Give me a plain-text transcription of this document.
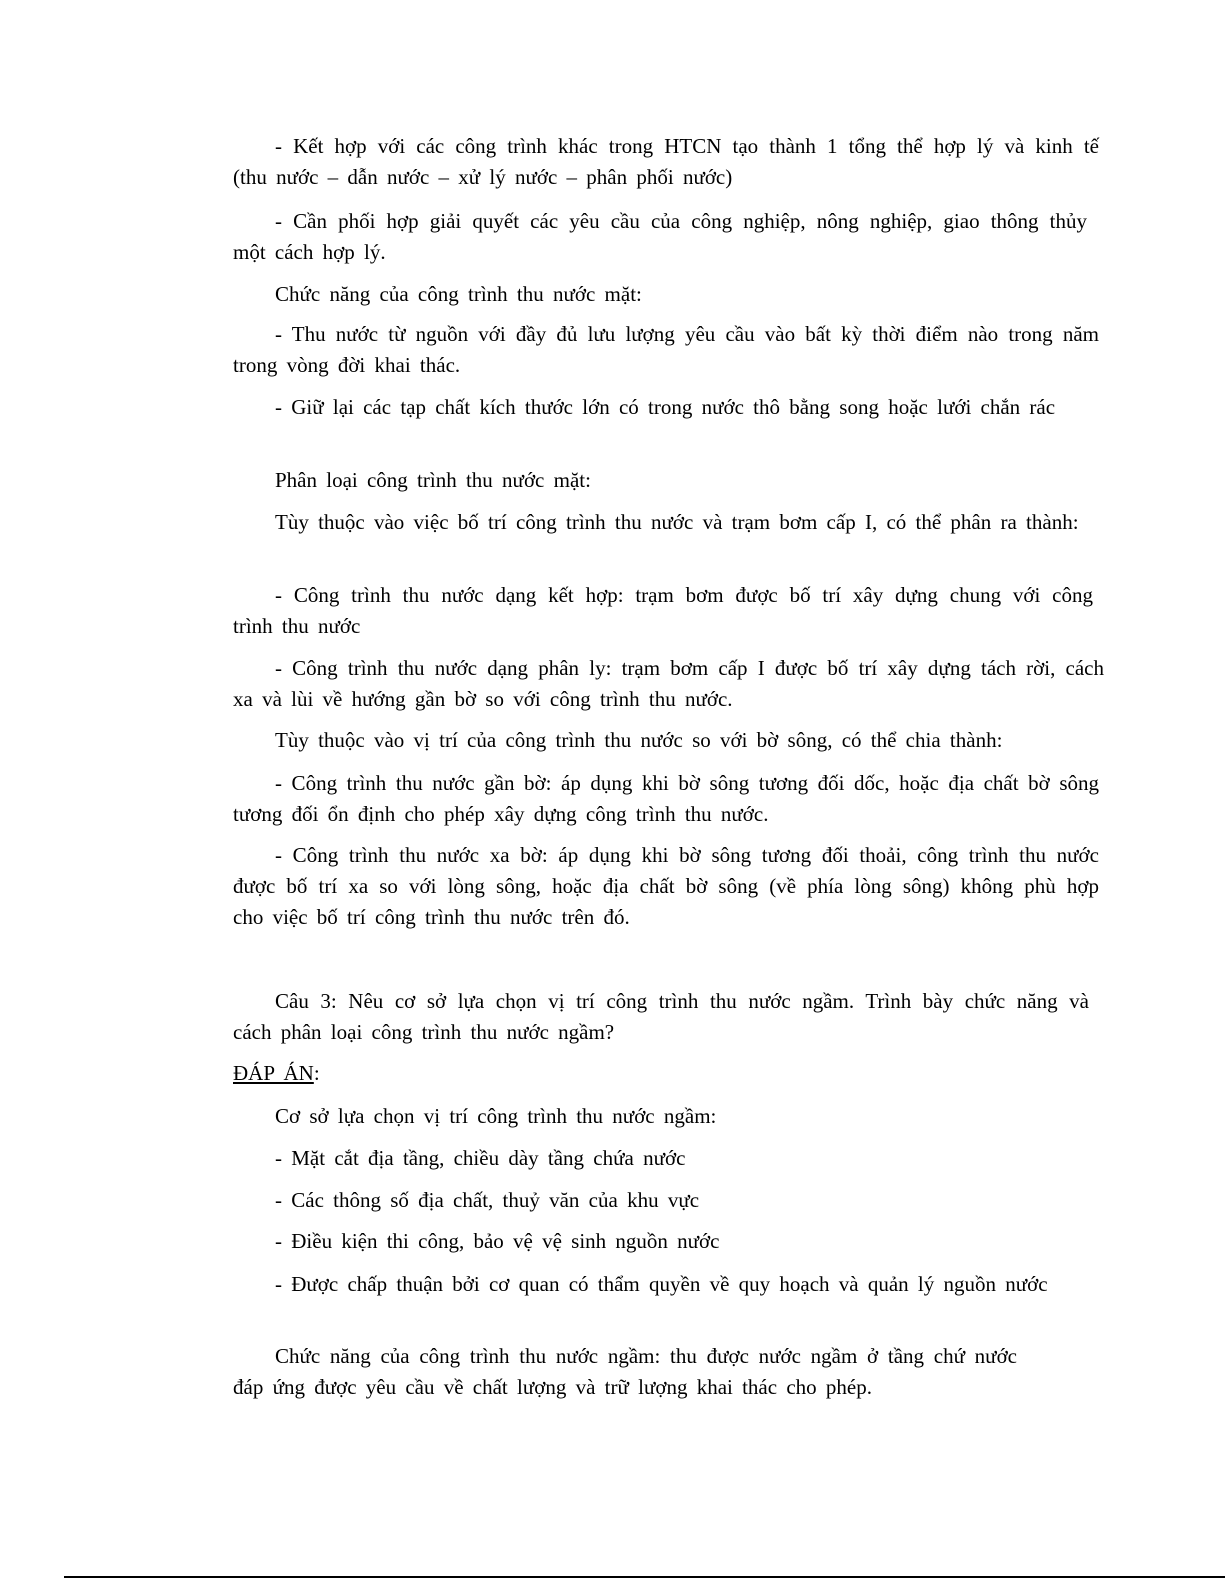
- Kết hợp với các công trình khác trong HTCN tạo thành 1 tổng thể hợp lý và kinh tế (thu nước – dẫn nước – xử lý nước – phân phối nước)
- Cần phối hợp giải quyết các yêu cầu của công nghiệp, nông nghiệp, giao thông thủy một cách hợp lý.
Chức năng của công trình thu nước mặt:
- Thu nước từ nguồn với đầy đủ lưu lượng yêu cầu vào bất kỳ thời điểm nào trong năm trong vòng đời khai thác.
- Giữ lại các tạp chất kích thước lớn có trong nước thô bằng song hoặc lưới chắn rác
Phân loại công trình thu nước mặt:
Tùy thuộc vào việc bố trí công trình thu nước và trạm bơm cấp I, có thể phân ra thành:
- Công trình thu nước dạng kết hợp: trạm bơm được bố trí xây dựng chung với công trình thu nước
- Công trình thu nước dạng phân ly: trạm bơm cấp I được bố trí xây dựng tách rời, cách xa và lùi về hướng gần bờ so với công trình thu nước.
Tùy thuộc vào vị trí của công trình thu nước so với bờ sông, có thể chia thành:
- Công trình thu nước gần bờ: áp dụng khi bờ sông tương đối dốc, hoặc địa chất bờ sông tương đối ổn định cho phép xây dựng công trình thu nước.
- Công trình thu nước xa bờ: áp dụng khi bờ sông tương đối thoải, công trình thu nước được bố trí xa so với lòng sông, hoặc địa chất bờ sông (về phía lòng sông) không phù hợp cho việc bố trí công trình thu nước trên đó.
Câu 3: Nêu cơ sở lựa chọn vị trí công trình thu nước ngầm. Trình bày chức năng và cách phân loại công trình thu nước ngầm?
ĐÁP ÁN:
Cơ sở lựa chọn vị trí công trình thu nước ngầm:
- Mặt cắt địa tầng, chiều dày tầng chứa nước
- Các thông số địa chất, thuỷ văn của khu vực
- Điều kiện thi công, bảo vệ vệ sinh nguồn nước
- Được chấp thuận bởi cơ quan có thẩm quyền về quy hoạch và quản lý nguồn nước
Chức năng của công trình thu nước ngầm: thu được nước ngầm ở tầng chứ nước đáp ứng được yêu cầu về chất lượng và trữ lượng khai thác cho phép.
